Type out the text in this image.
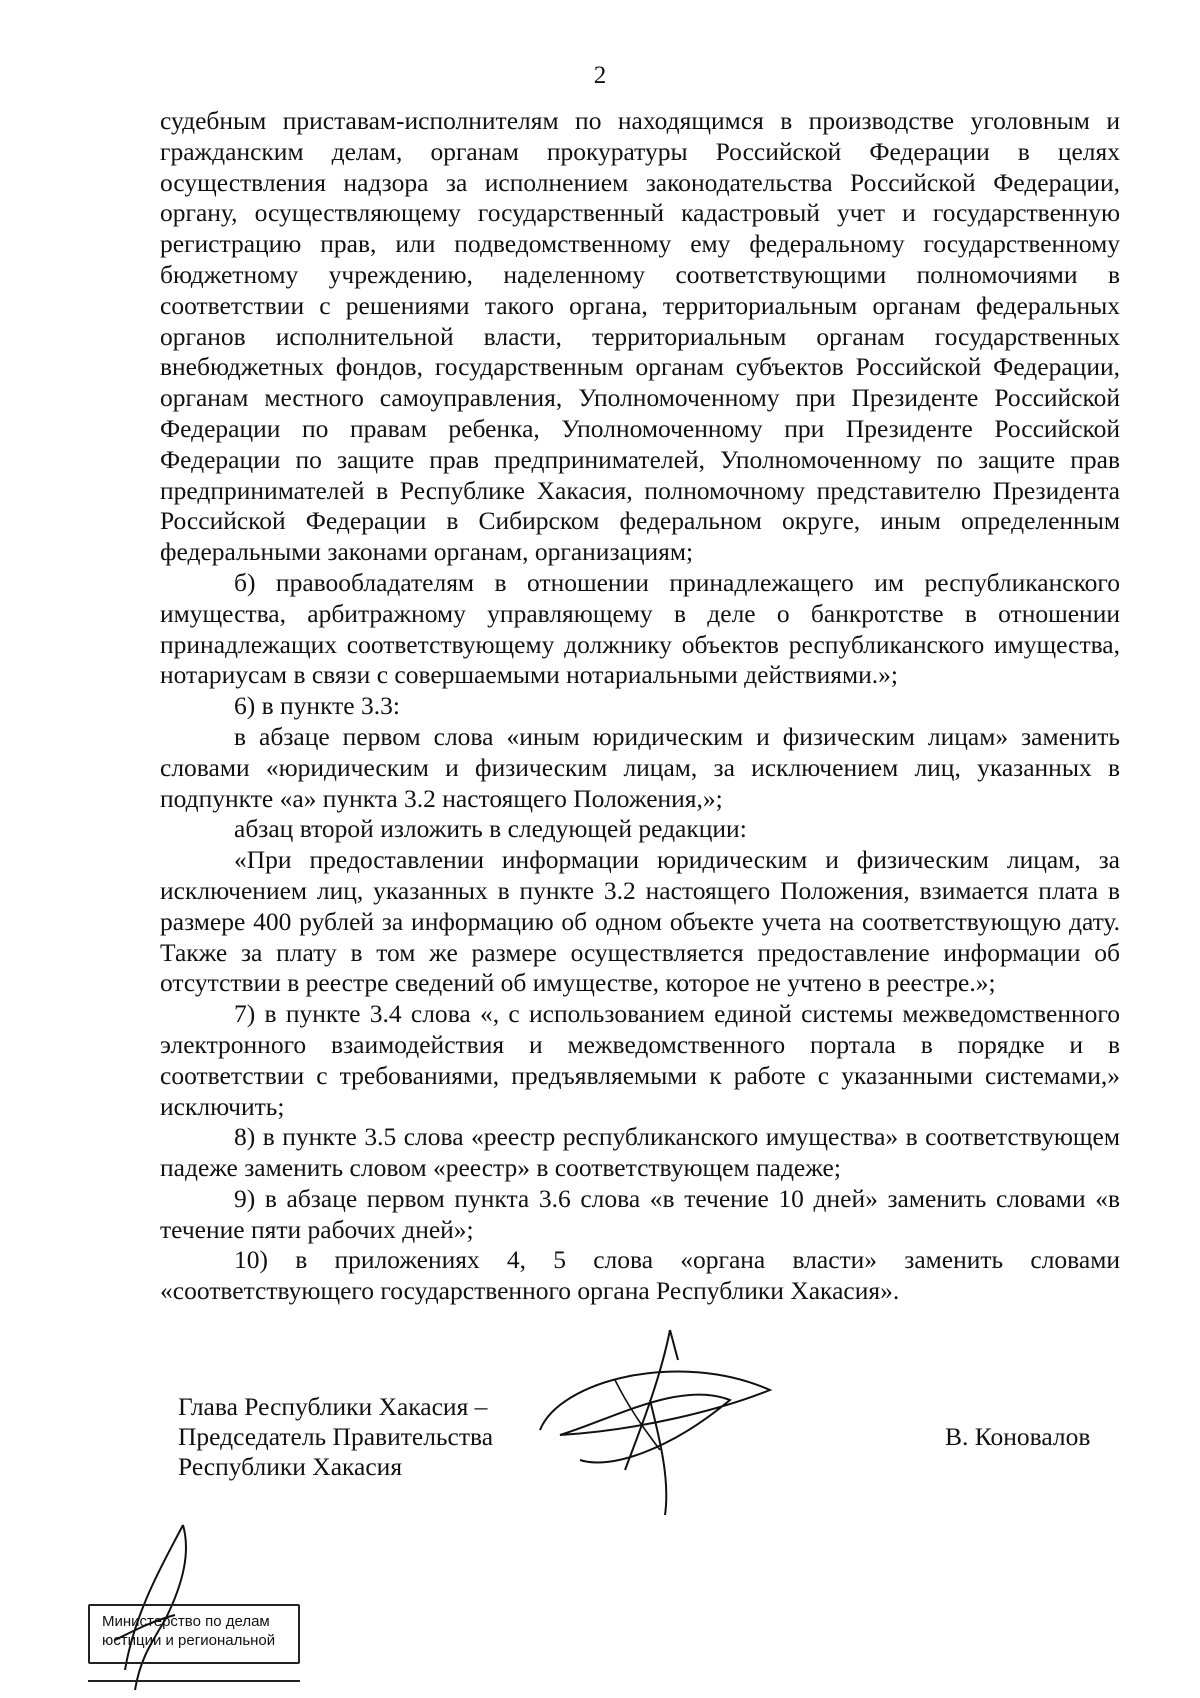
2

судебным приставам-исполнителям по находящимся в производстве уголовным и гражданским делам, органам прокуратуры Российской Федерации в целях осуществления надзора за исполнением законодательства Российской Федерации, органу, осуществляющему государственный кадастровый учет и государственную регистрацию прав, или подведомственному ему федеральному государственному бюджетному учреждению, наделенному соответствующими полномочиями в соответствии с решениями такого органа, территориальным органам федеральных органов исполнительной власти, территориальным органам государственных внебюджетных фондов, государственным органам субъектов Российской Федерации, органам местного самоуправления, Уполномоченному при Президенте Российской Федерации по правам ребенка, Уполномоченному при Президенте Российской Федерации по защите прав предпринимателей, Уполномоченному по защите прав предпринимателей в Республике Хакасия, полномочному представителю Президента Российской Федерации в Сибирском федеральном округе, иным определенным федеральными законами органам, организациям;

б) правообладателям в отношении принадлежащего им республиканского имущества, арбитражному управляющему в деле о банкротстве в отношении принадлежащих соответствующему должнику объектов республиканского имущества, нотариусам в связи с совершаемыми нотариальными действиями.»;

6) в пункте 3.3:

в абзаце первом слова «иным юридическим и физическим лицам» заменить словами «юридическим и физическим лицам, за исключением лиц, указанных в подпункте «а» пункта 3.2 настоящего Положения,»;

абзац второй изложить в следующей редакции:

«При предоставлении информации юридическим и физическим лицам, за исключением лиц, указанных в пункте 3.2 настоящего Положения, взимается плата в размере 400 рублей за информацию об одном объекте учета на соответствующую дату. Также за плату в том же размере осуществляется предоставление информации об отсутствии в реестре сведений об имуществе, которое не учтено в реестре.»;

7) в пункте 3.4 слова «, с использованием единой системы межведомственного электронного взаимодействия и межведомственного портала в порядке и в соответствии с требованиями, предъявляемыми к работе с указанными системами,» исключить;

8) в пункте 3.5 слова «реестр республиканского имущества» в соответствующем падеже заменить словом «реестр» в соответствующем падеже;

9) в абзаце первом пункта 3.6 слова «в течение 10 дней» заменить словами «в течение пяти рабочих дней»;

10) в приложениях 4, 5 слова «органа власти» заменить словами «соответствующего государственного органа Республики Хакасия».

Глава Республики Хакасия –
Председатель Правительства
Республики Хакасия
В. Коновалов
Министерство по делам
юстиции и региональной
